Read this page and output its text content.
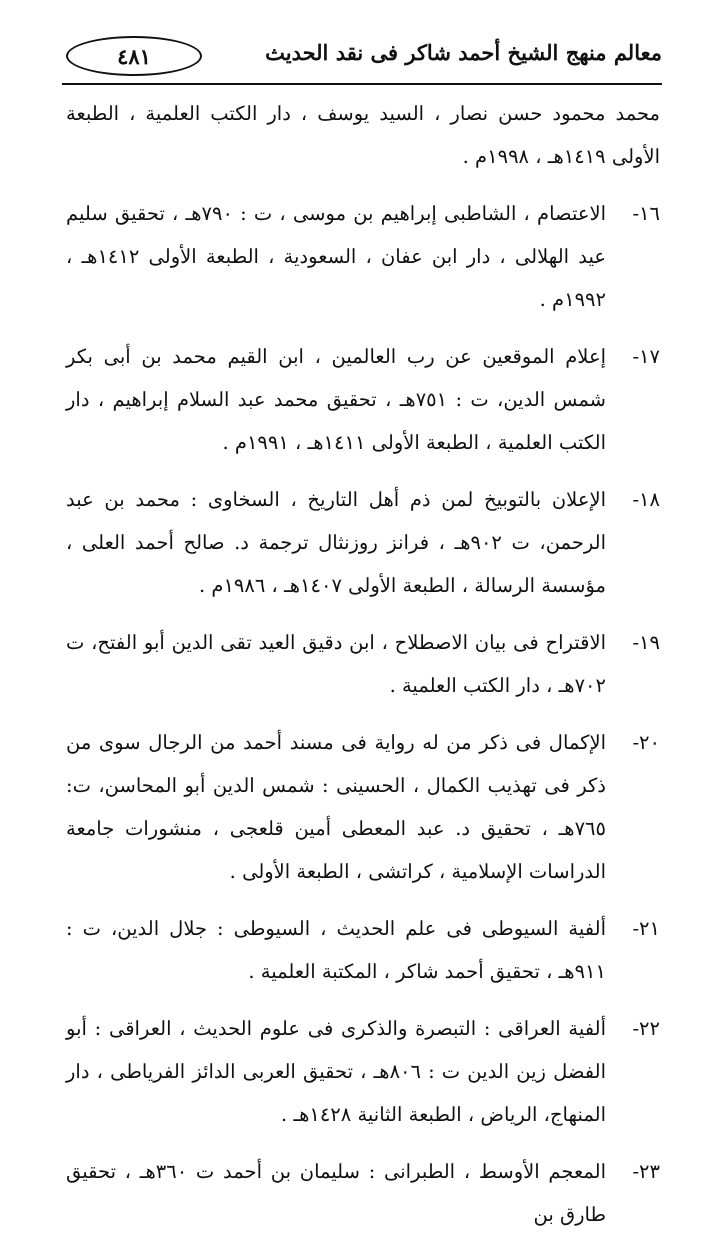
٤٨١	معالم منهج الشيخ أحمد شاكر فى نقد الحديث
محمد محمود حسن نصار ، السيد يوسف ، دار الكتب العلمية ، الطبعة الأولى ١٤١٩هـ ، ١٩٩٨م .
١٦-
الاعتصام ، الشاطبى إبراهيم بن موسى ، ت : ٧٩٠هـ ، تحقيق سليم عيد الهلالى ، دار ابن عفان ، السعودية ، الطبعة الأولى ١٤١٢هـ ، ١٩٩٢م .
١٧-
إعلام الموقعين عن رب العالمين ، ابن القيم محمد بن أبى بكر شمس الدين، ت : ٧٥١هـ ، تحقيق محمد عبد السلام إبراهيم ، دار الكتب العلمية ، الطبعة الأولى ١٤١١هـ ، ١٩٩١م .
١٨-
الإعلان بالتوبيخ لمن ذم أهل التاريخ ، السخاوى : محمد بن عبد الرحمن، ت ٩٠٢هـ ، فرانز روزنثال ترجمة د. صالح أحمد العلى ، مؤسسة الرسالة ، الطبعة الأولى ١٤٠٧هـ ، ١٩٨٦م .
١٩-
الاقتراح فى بيان الاصطلاح ، ابن دقيق العيد تقى الدين أبو الفتح، ت ٧٠٢هـ ، دار الكتب العلمية .
٢٠-
الإكمال فى ذكر من له رواية فى مسند أحمد من الرجال سوى من ذكر فى تهذيب الكمال ، الحسينى : شمس الدين أبو المحاسن، ت: ٧٦٥هـ ، تحقيق د. عبد المعطى أمين قلعجى ، منشورات جامعة الدراسات الإسلامية ، كراتشى ، الطبعة الأولى .
٢١-
ألفية السيوطى فى علم الحديث ، السيوطى : جلال الدين، ت : ٩١١هـ ، تحقيق أحمد شاكر ، المكتبة العلمية .
٢٢-
ألفية العراقى : التبصرة والذكرى فى علوم الحديث ، العراقى : أبو الفضل زين الدين ت : ٨٠٦هـ ، تحقيق العربى الدائز الفرياطى ، دار المنهاج، الرياض ، الطبعة الثانية ١٤٢٨هـ .
٢٣-
المعجم الأوسط ، الطبرانى : سليمان بن أحمد ت ٣٦٠هـ ، تحقيق طارق بن
